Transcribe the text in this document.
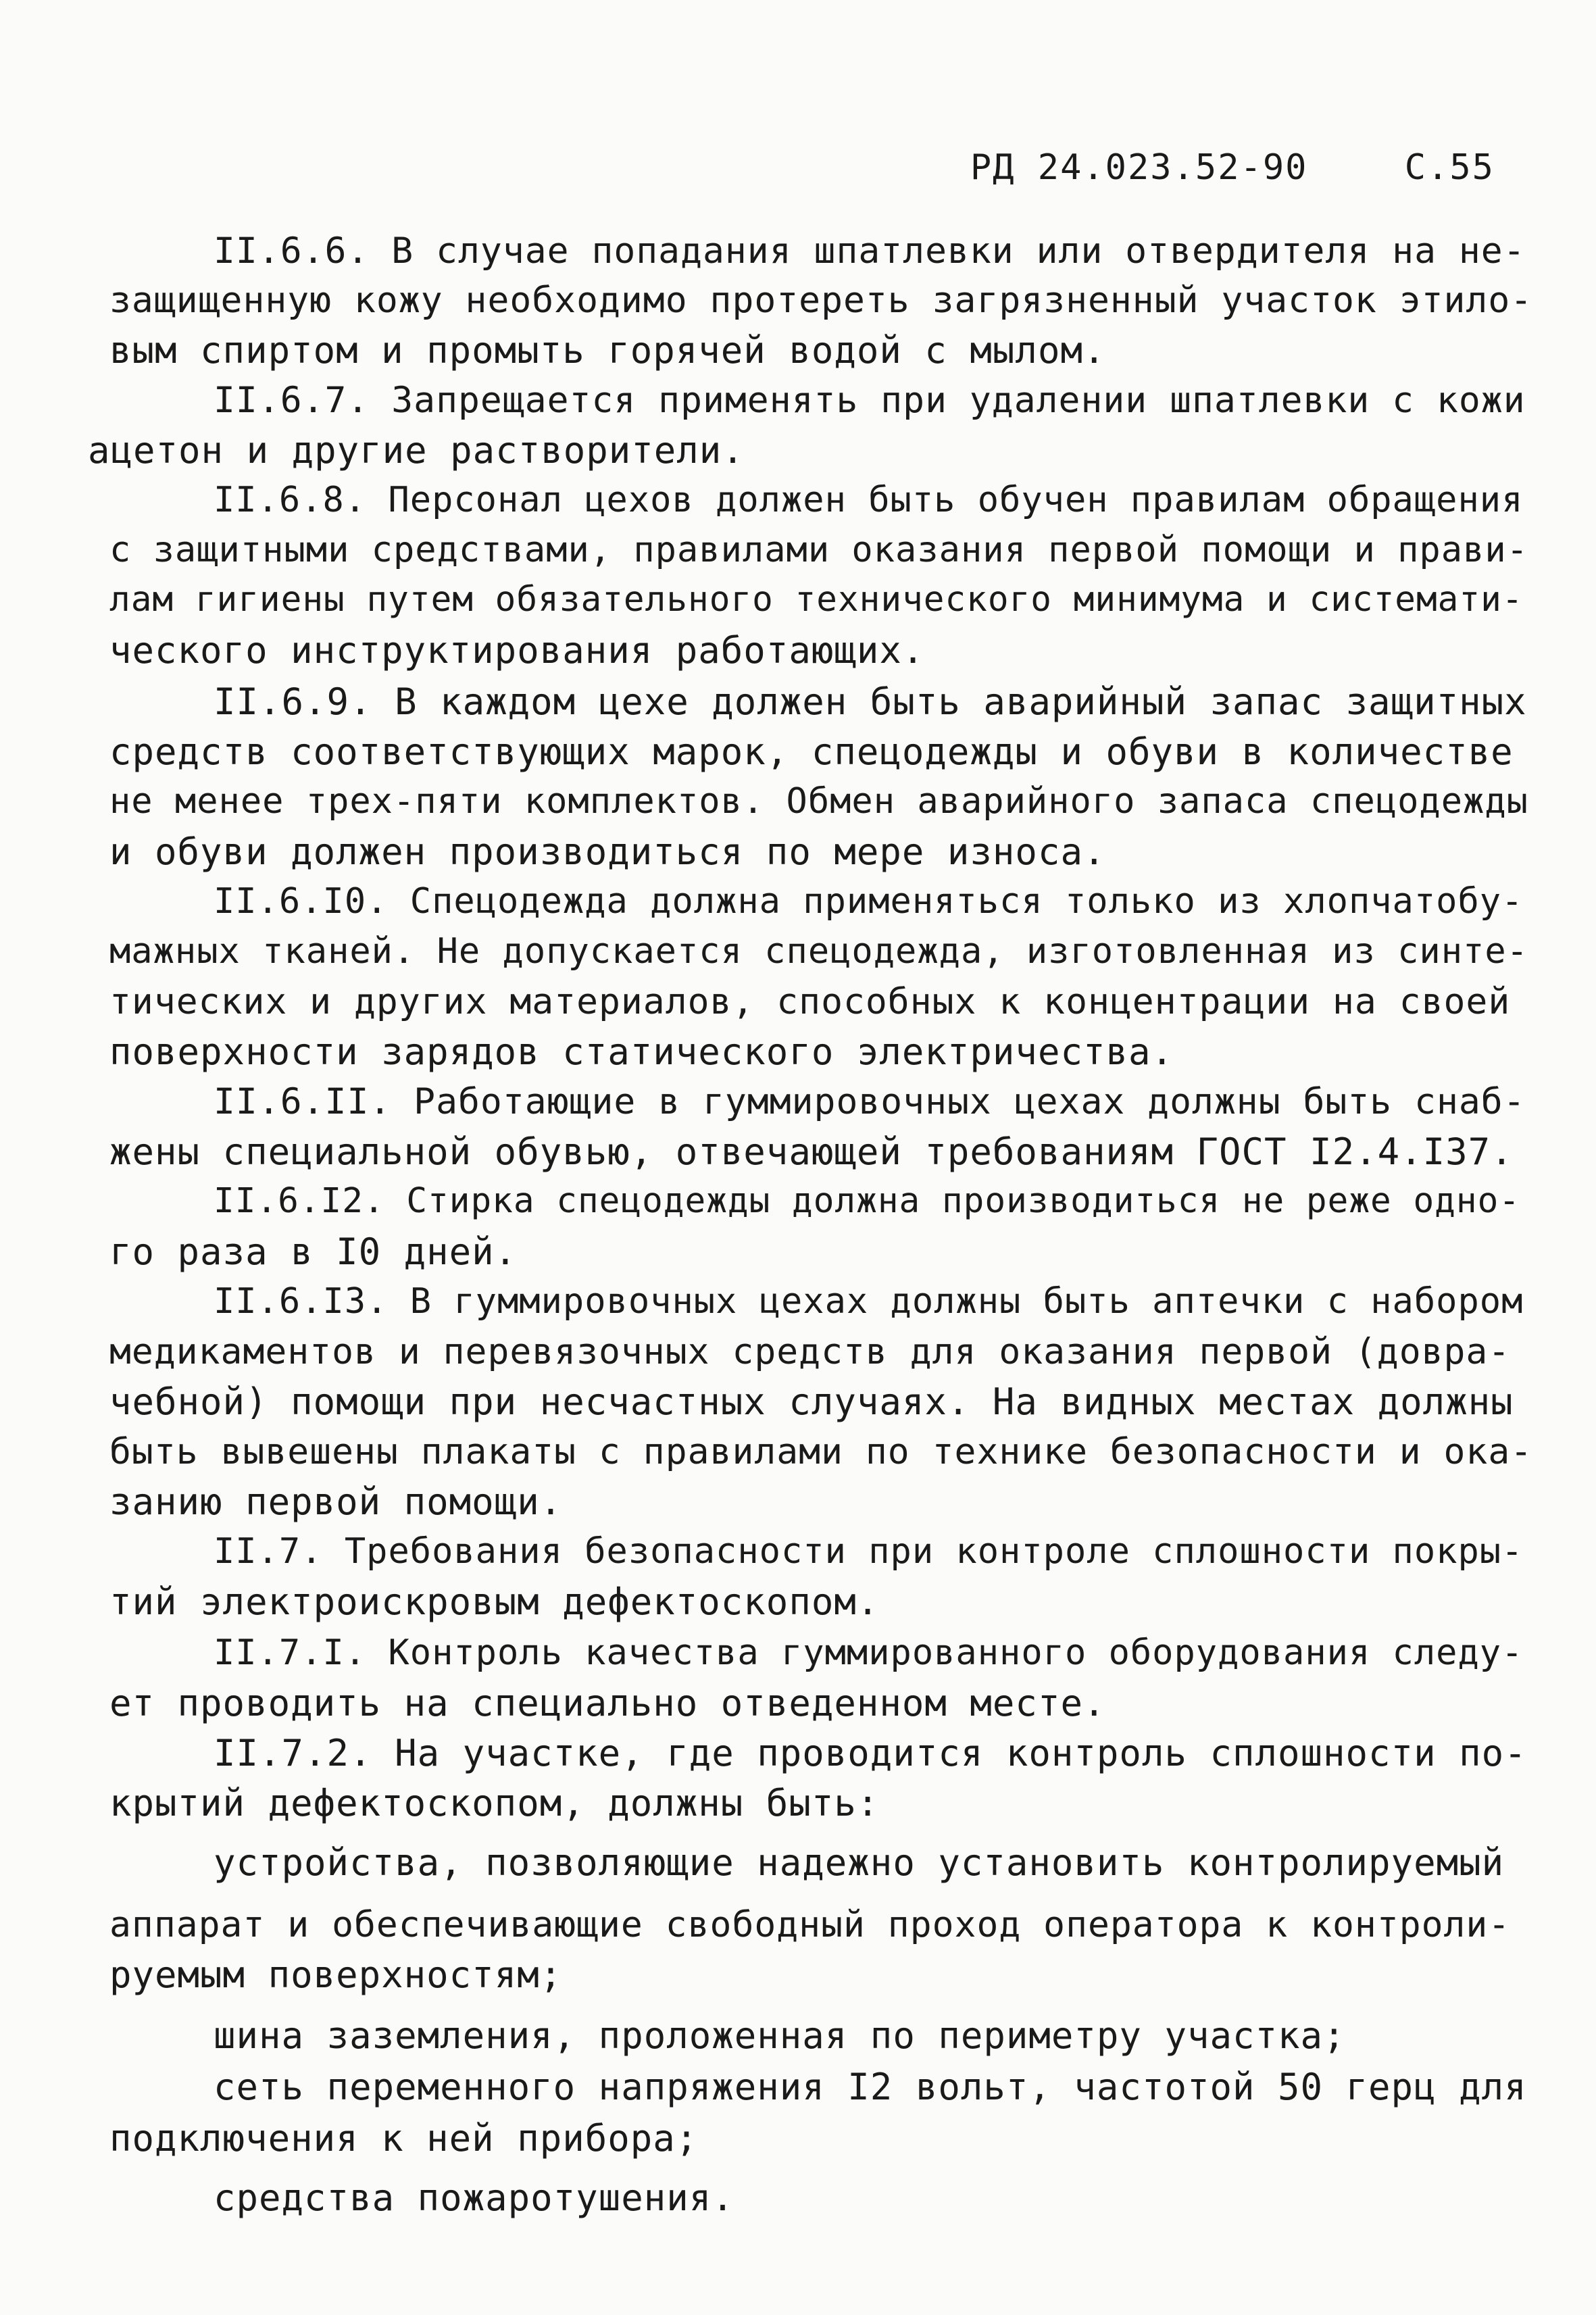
РД 24.023.52-90	С.55
II.6.6. В случае попадания шпатлевки или отвердителя на не-
защищенную кожу необходимо протереть загрязненный участок этило-
вым спиртом и промыть горячей водой с мылом.
II.6.7. Запрещается применять при удалении шпатлевки с кожи
ацетон и другие растворители.
II.6.8. Персонал цехов должен быть обучен правилам обращения
с защитными средствами, правилами оказания первой помощи и прави-
лам гигиены путем обязательного технического минимума и системати-
ческого инструктирования работающих.
II.6.9. В каждом цехе должен быть аварийный запас защитных
средств соответствующих марок, спецодежды и обуви в количестве
не менее трех-пяти комплектов. Обмен аварийного запаса спецодежды
и обуви должен производиться по мере износа.
II.6.I0. Спецодежда должна применяться только из хлопчатобу-
мажных тканей. Не допускается спецодежда, изготовленная из синте-
тических и других материалов, способных к концентрации на своей
поверхности зарядов статического электричества.
II.6.II. Работающие в гуммировочных цехах должны быть снаб-
жены специальной обувью, отвечающей требованиям ГОСТ I2.4.I37.
II.6.I2. Стирка спецодежды должна производиться не реже одно-
го раза в I0 дней.
II.6.I3. В гуммировочных цехах должны быть аптечки с набором
медикаментов и перевязочных средств для оказания первой (довра-
чебной) помощи при несчастных случаях. На видных местах должны
быть вывешены плакаты с правилами по технике безопасности и ока-
занию первой помощи.
II.7. Требования безопасности при контроле сплошности покры-
тий электроискровым дефектоскопом.
II.7.I. Контроль качества гуммированного оборудования следу-
ет проводить на специально отведенном месте.
II.7.2. На участке, где проводится контроль сплошности по-
крытий дефектоскопом, должны быть:
устройства, позволяющие надежно установить контролируемый
аппарат и обеспечивающие свободный проход оператора к контроли-
руемым поверхностям;
шина заземления, проложенная по периметру участка;
сеть переменного напряжения I2 вольт, частотой 50 герц для
подключения к ней прибора;
средства пожаротушения.
